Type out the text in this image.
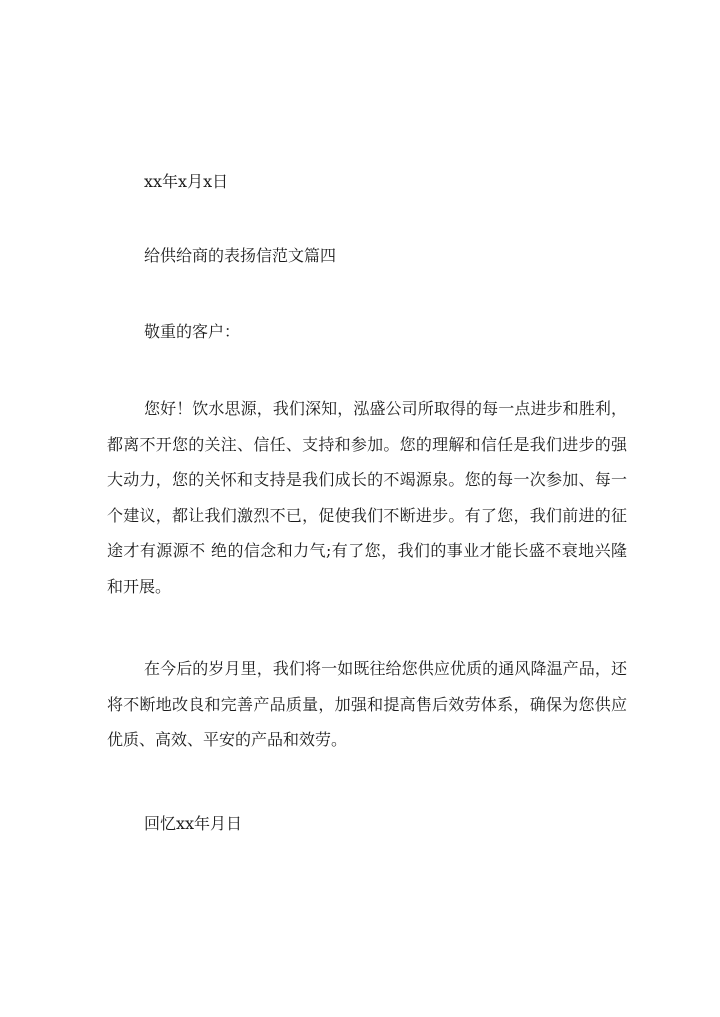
xx年x月x日
给供给商的表扬信范文篇四
敬重的客户：

您好！饮水思源，我们深知，泓盛公司所取得的每一点进步和胜利，都离不开您的关注、信任、支持和参加。您的理解和信任是我们进步的强大动力，您的关怀和支持是我们成长的不竭源泉。您的每一次参加、每一个建议，都让我们激烈不已，促使我们不断进步。有了您，我们前进的征途才有源源不 绝的信念和力气;有了您，我们的事业才能长盛不衰地兴隆和开展。

在今后的岁月里，我们将一如既往给您供应优质的通风降温产品，还将不断地改良和完善产品质量，加强和提高售后效劳体系，确保为您供应优质、高效、平安的产品和效劳。

回忆xx年月日
